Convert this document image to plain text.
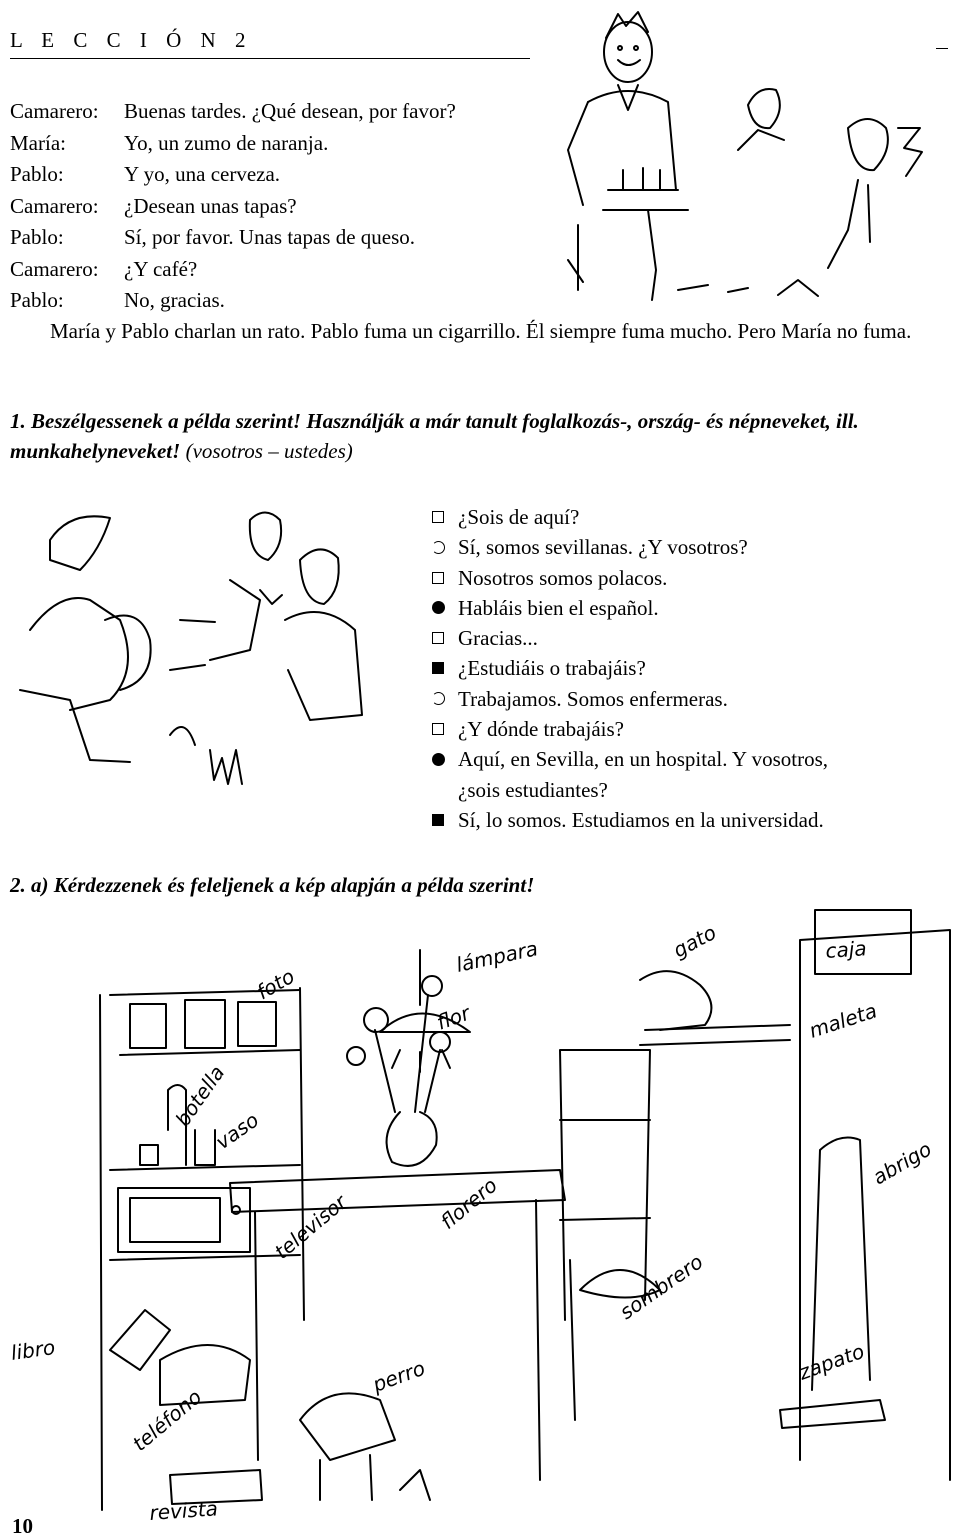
L E C C I Ó N 2
Camarero:	Buenas tardes. ¿Qué desean, por favor?
María:	Yo, un zumo de naranja.
Pablo:	Y yo, una cerveza.
Camarero:	¿Desean unas tapas?
Pablo:	Sí, por favor. Unas tapas de queso.
Camarero:	¿Y café?
Pablo:	No, gracias.
María y Pablo charlan un rato. Pablo fuma un cigarrillo. Él siempre fuma mucho. Pero María no fuma.
1. Beszélgessenek a példa szerint! Használják a már tanult foglalkozás-, ország- és népneveket, ill. munkahelyneveket! (vosotros – ustedes)
¿Sois de aquí?
Sí, somos sevillanas. ¿Y vosotros?
Nosotros somos polacos.
Habláis bien el español.
Gracias...
¿Estudiáis o trabajáis?
Trabajamos. Somos enfermeras.
¿Y dónde trabajáis?
Aquí, en Sevilla, en un hospital. Y vosotros,
¿sois estudiantes?
Sí, lo somos. Estudiamos en la universidad.
2. a) Kérdezzenek és feleljenek a kép alapján a példa szerint!
lámpara	gato	caja
maleta
foto
botella
vaso
flor
televisor	florero
abrigo
sombrero
libro
teléfono
perro	zapato
revista
10
